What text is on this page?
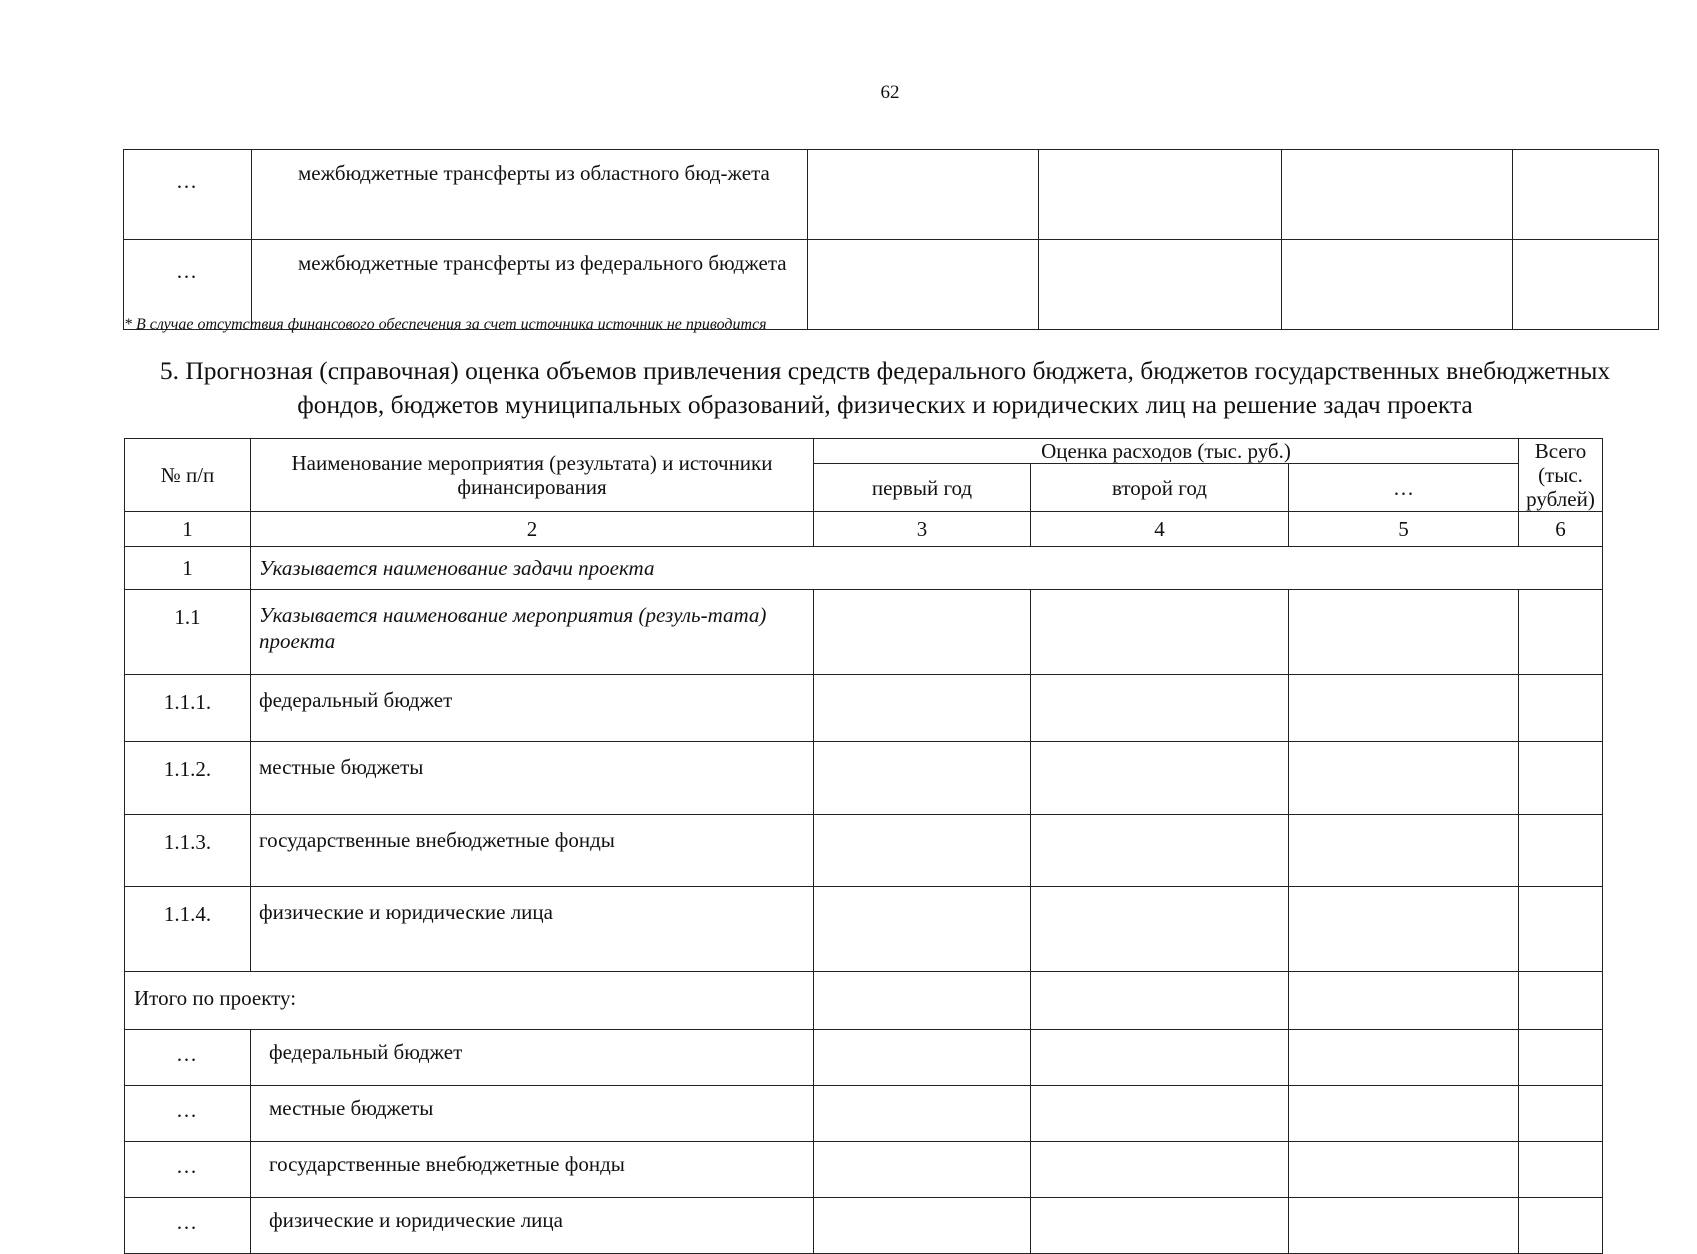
62
…	межбюджетные трансферты из областного бюд-жета				
…	межбюджетные трансферты из федерального бюджета				
* В случае отсутствия финансового обеспечения за счет источника источник не приводится
5. Прогнозная (справочная) оценка объемов привлечения средств федерального бюджета, бюджетов государственных внебюджетных фондов, бюджетов муниципальных образований, физических и юридических лиц на решение задач проекта
№ п/п	Наименование мероприятия (результата) и источники финансирования	Оценка расходов (тыс. руб.)			Всего (тыс. рублей)
		первый год	второй год	…	
1	2	3	4	5	6
1	Указывается наименование задачи проекта				
1.1	Указывается наименование мероприятия (резуль-тата) проекта				
1.1.1.	федеральный бюджет				
1.1.2.	местные бюджеты				
1.1.3.	государственные внебюджетные фонды				
1.1.4.	физические и юридические лица				
Итого по проекту:					
…	федеральный бюджет				
…	местные бюджеты				
…	государственные внебюджетные фонды				
…	физические и юридические лица				
